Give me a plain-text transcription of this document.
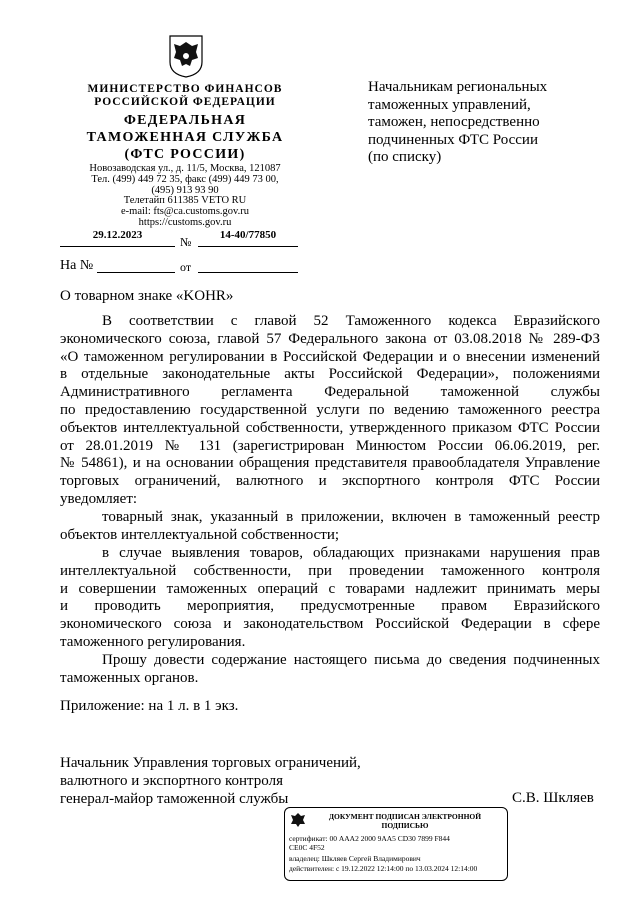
МИНИСТЕРСТВО ФИНАНСОВ
РОССИЙСКОЙ ФЕДЕРАЦИИ
ФЕДЕРАЛЬНАЯ
ТАМОЖЕННАЯ СЛУЖБА
(ФТС РОССИИ)
Новозаводская ул., д. 11/5, Москва, 121087
Тел. (499) 449 72 35, факс (499) 449 73 00,
(495) 913 93 90
Телетайп 611385 VETO RU
e-mail: fts@ca.customs.gov.ru
https://customs.gov.ru
29.12.2023	№	14-40/77850
На №	от
Начальникам региональных
таможенных управлений,
таможен, непосредственно
подчиненных ФТС России
(по списку)
О товарном знаке «KOHR»
В соответствии с главой 52 Таможенного кодекса Евразийского
экономического союза, главой 57 Федерального закона от 03.08.2018 № 289-ФЗ
«О таможенном регулировании в Российской Федерации и о внесении изменений
в отдельные законодательные акты Российской Федерации», положениями
Административного регламента Федеральной таможенной службы
по предоставлению государственной услуги по ведению таможенного реестра
объектов интеллектуальной собственности, утвержденного приказом ФТС России
от 28.01.2019 № 131 (зарегистрирован Минюстом России 06.06.2019, рег.
№ 54861), и на основании обращения представителя правообладателя Управление
торговых ограничений, валютного и экспортного контроля ФТС России
уведомляет:
товарный знак, указанный в приложении, включен в таможенный реестр
объектов интеллектуальной собственности;
в случае выявления товаров, обладающих признаками нарушения прав
интеллектуальной собственности, при проведении таможенного контроля
и совершении таможенных операций с товарами надлежит принимать меры
и проводить мероприятия, предусмотренные правом Евразийского
экономического союза и законодательством Российской Федерации в сфере
таможенного регулирования.
Прошу довести содержание настоящего письма до сведения подчиненных
таможенных органов.
Приложение: на 1 л. в 1 экз.
Начальник Управления торговых ограничений,
валютного и экспортного контроля
генерал-майор таможенной службы	С.В. Шкляев
ДОКУМЕНТ ПОДПИСАН ЭЛЕКТРОННОЙ ПОДПИСЬЮ
сертификат: 00 AAA2 2000 9AA5 CD30 7899 F844 CE0C 4F52
владелец: Шкляев Сергей Владимирович
действителен: с 19.12.2022 12:14:00 по 13.03.2024 12:14:00
